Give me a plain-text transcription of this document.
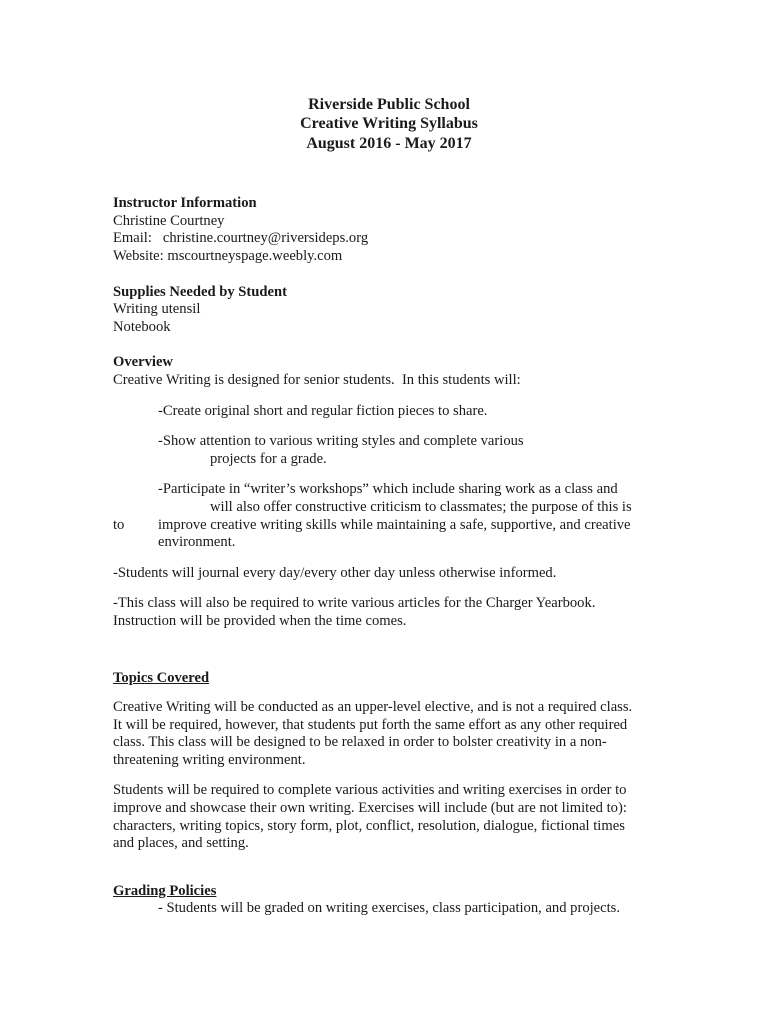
Riverside Public School
Creative Writing Syllabus
August 2016 - May 2017
Instructor Information
Christine Courtney
Email:   christine.courtney@riversideps.org
Website: mscourtneyspage.weebly.com
Supplies Needed by Student
Writing utensil
Notebook
Overview
Creative Writing is designed for senior students.  In this students will:
-Create original short and regular fiction pieces to share.
-Show attention to various writing styles and complete various
projects for a grade.
-Participate in “writer’s workshops” which include sharing work as a class and
will also offer constructive criticism to classmates; the purpose of this is
to improve creative writing skills while maintaining a safe, supportive, and creative
environment.
-Students will journal every day/every other day unless otherwise informed.
-This class will also be required to write various articles for the Charger Yearbook.
Instruction will be provided when the time comes.
Topics Covered
Creative Writing will be conducted as an upper-level elective, and is not a required class.
It will be required, however, that students put forth the same effort as any other required
class. This class will be designed to be relaxed in order to bolster creativity in a non-
threatening writing environment.
Students will be required to complete various activities and writing exercises in order to
improve and showcase their own writing. Exercises will include (but are not limited to):
characters, writing topics, story form, plot, conflict, resolution, dialogue, fictional times
and places, and setting.
Grading Policies
- Students will be graded on writing exercises, class participation, and projects.
